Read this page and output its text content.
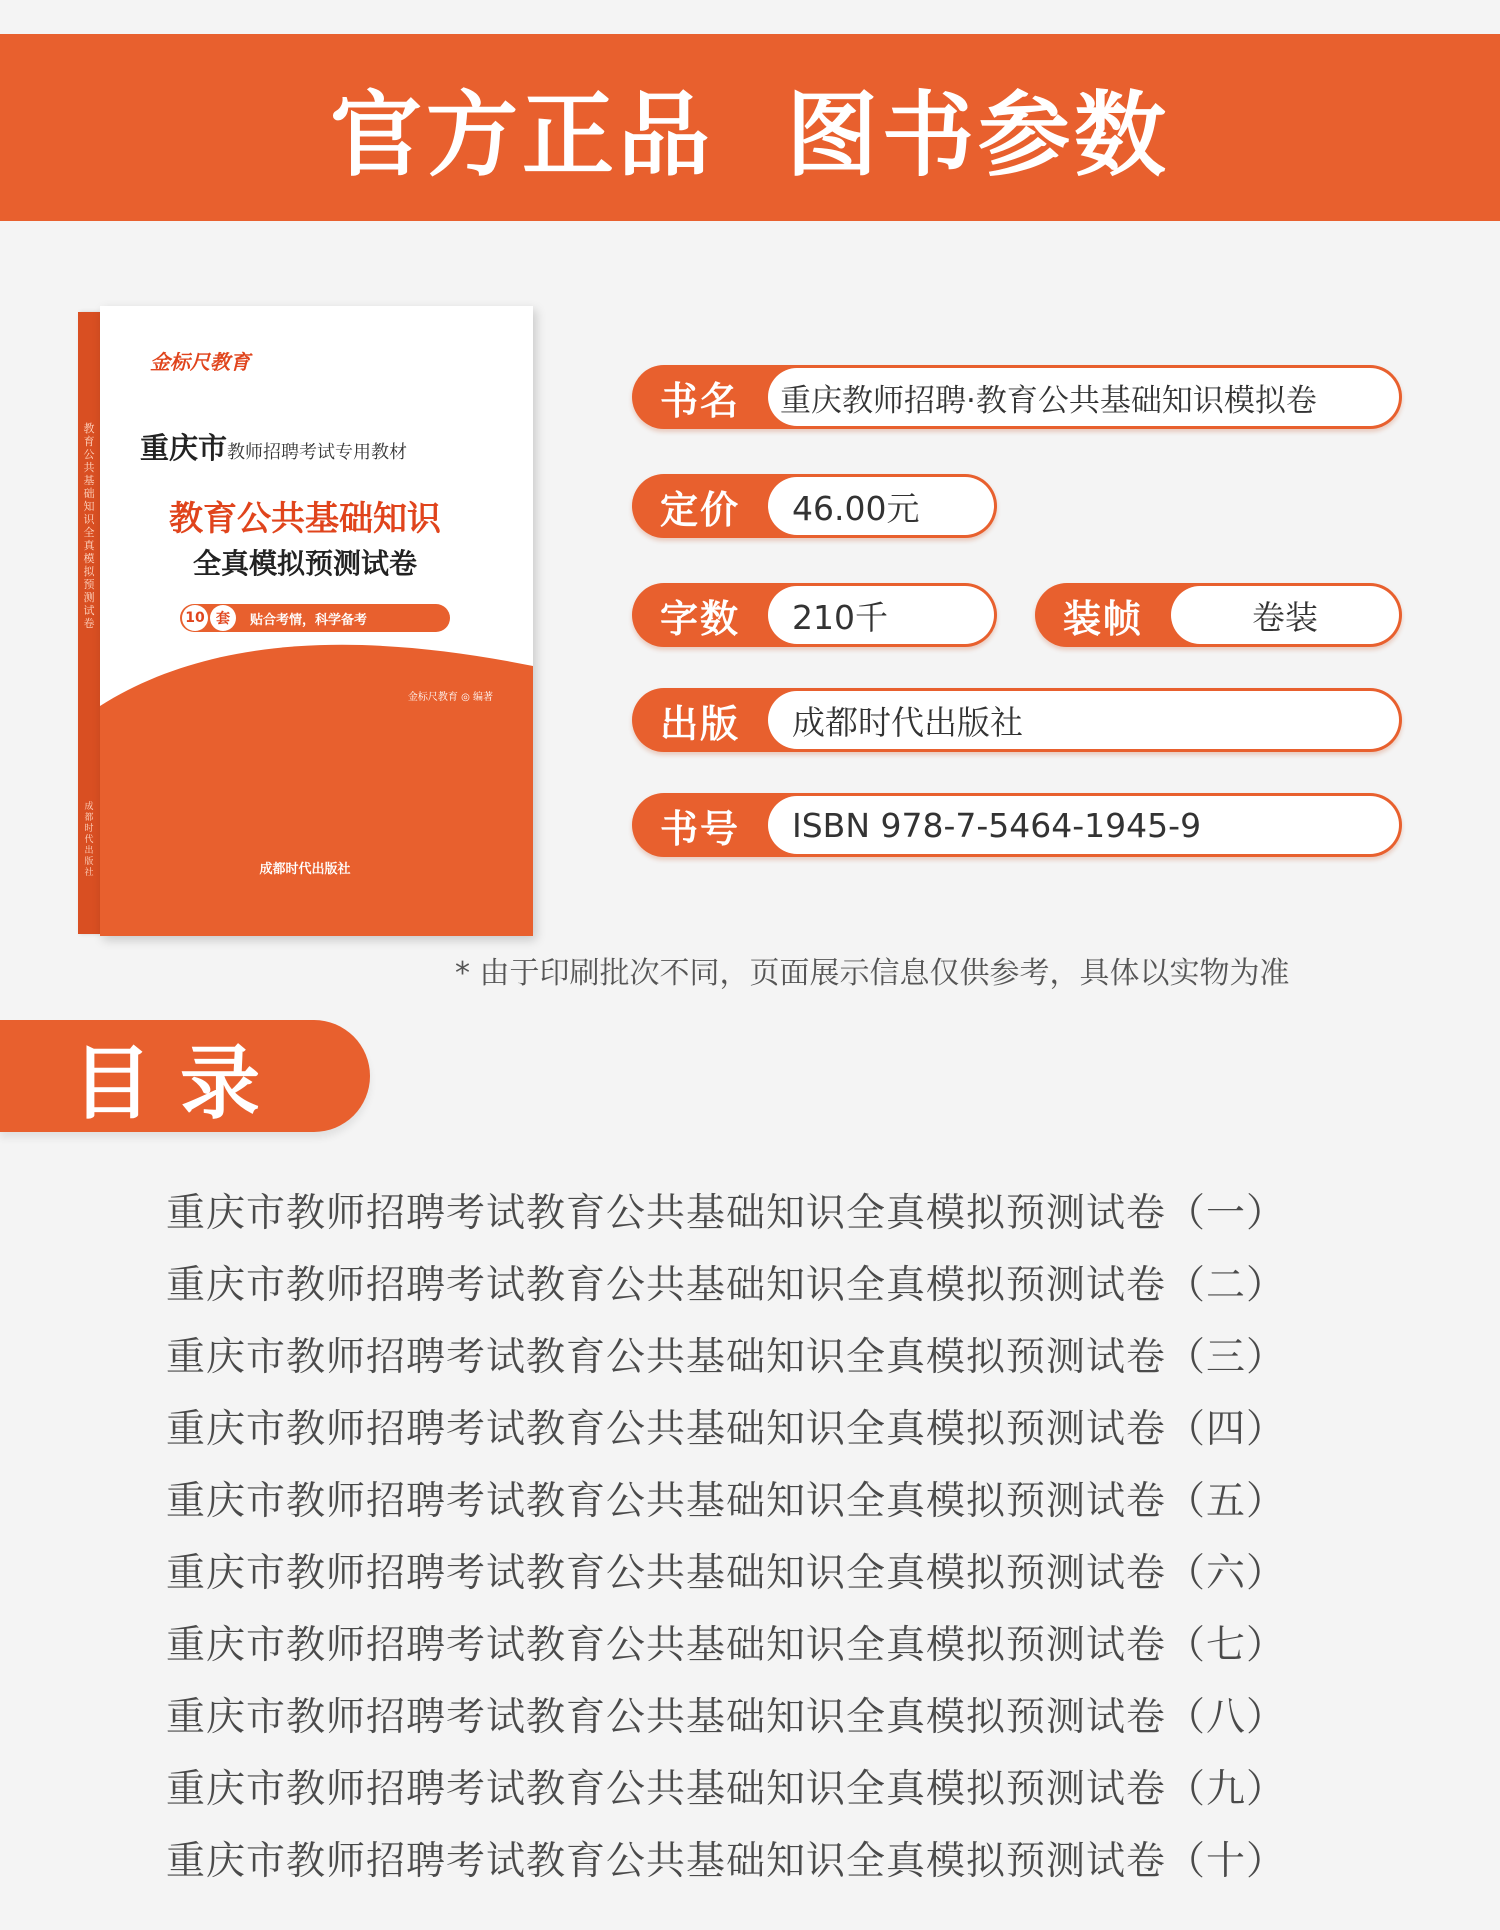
官方正品  图书参数
教育公共基础知识 全真模拟预测试卷
成都时代出版社
金标尺教育
重庆市教师招聘考试专用教材
教育公共基础知识
全真模拟预测试卷
10 套	贴合考情，科学备考
金标尺教育 ◎ 编著
成都时代出版社
书名	重庆教师招聘·教育公共基础知识模拟卷
定价	46.00元
字数	210千	装帧	卷装
出版	成都时代出版社
书号	ISBN 978-7-5464-1945-9
* 由于印刷批次不同，页面展示信息仅供参考，具体以实物为准
目录
重庆市教师招聘考试教育公共基础知识全真模拟预测试卷（一）
重庆市教师招聘考试教育公共基础知识全真模拟预测试卷（二）
重庆市教师招聘考试教育公共基础知识全真模拟预测试卷（三）
重庆市教师招聘考试教育公共基础知识全真模拟预测试卷（四）
重庆市教师招聘考试教育公共基础知识全真模拟预测试卷（五）
重庆市教师招聘考试教育公共基础知识全真模拟预测试卷（六）
重庆市教师招聘考试教育公共基础知识全真模拟预测试卷（七）
重庆市教师招聘考试教育公共基础知识全真模拟预测试卷（八）
重庆市教师招聘考试教育公共基础知识全真模拟预测试卷（九）
重庆市教师招聘考试教育公共基础知识全真模拟预测试卷（十）
